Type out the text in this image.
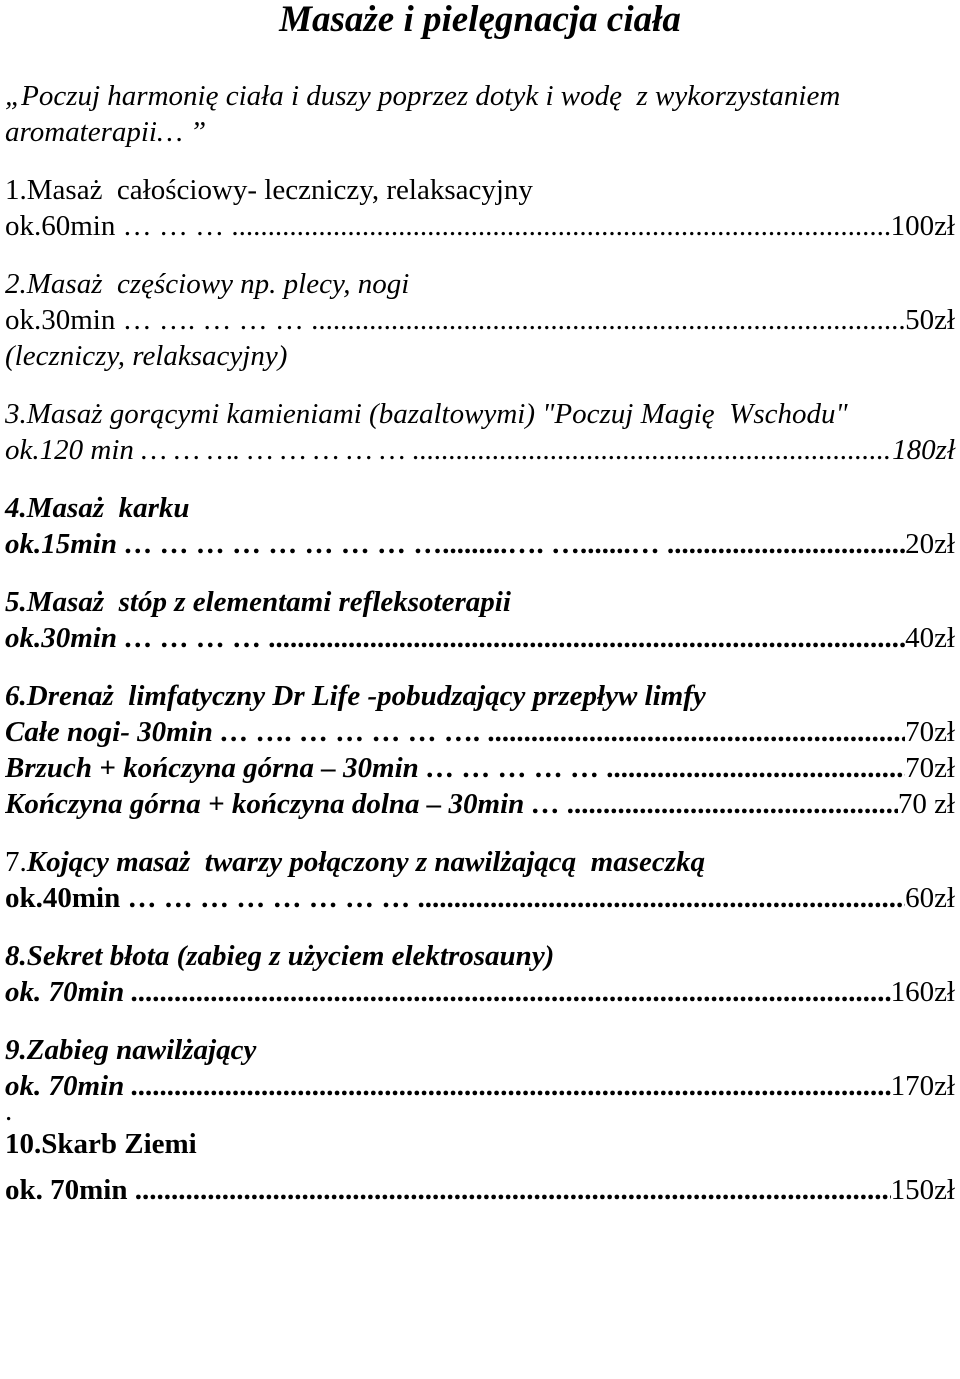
Masaże i pielęgnacja ciała
„Poczuj harmonię ciała i duszy poprzez dotyk i wodę  z wykorzystaniem
aromaterapii… ”
1.Masaż  całościowy- leczniczy, relaksacyjny
ok.60min … … … .....	100zł
2.Masaż  częściowy np. plecy, nogi
ok.30min … …. … … … .....	50zł
(leczniczy, relaksacyjny)
3.Masaż gorącymi kamieniami (bazaltowymi) "Poczuj Magię  Wschodu"
ok.120 min … … …. … … … … … .....	180zł
4.Masaż  karku
ok.15min … … … … … … … … ….........…. ….......… .....	20zł
5.Masaż  stóp z elementami refleksoterapii
ok.30min … … … … .....	40zł
6.Drenaż  limfatyczny Dr Life -pobudzający przepływ limfy
Całe nogi- 30min … …. … … … … …. .....	70zł
Brzuch + kończyna górna – 30min … … … … … .....	70zł
Kończyna górna + kończyna dolna – 30min … .....	70 zł
7.Kojący masaż  twarzy połączony z nawilżającą  maseczką
ok.40min … … … … … … … … .....	60zł
8.Sekret błota (zabieg z użyciem elektrosauny)
ok. 70min .....	160zł
9.Zabieg nawilżający
ok. 70min .....	170zł
.
10.Skarb Ziemi
ok. 70min .....	150zł
